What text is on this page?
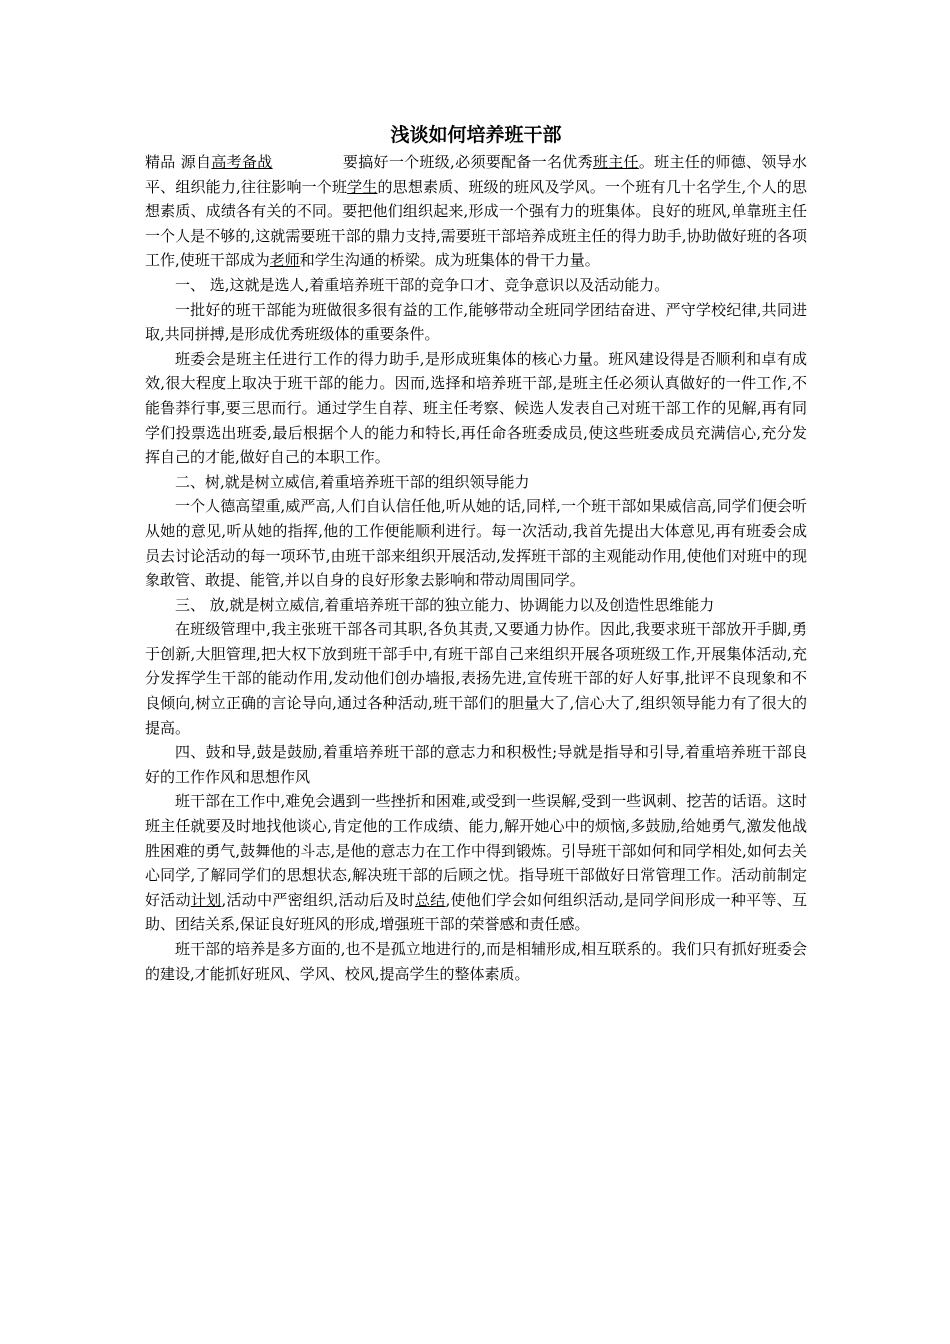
浅谈如何培养班干部

精品 源自高考备战	要搞好一个班级,必须要配备一名优秀班主任。班主任的师德、领导水平、组织能力,往往影响一个班学生的思想素质、班级的班风及学风。一个班有几十名学生,个人的思想素质、成绩各有关的不同。要把他们组织起来,形成一个强有力的班集体。良好的班风,单靠班主任一个人是不够的,这就需要班干部的鼎力支持,需要班干部培养成班主任的得力助手,协助做好班的各项工作,使班干部成为老师和学生沟通的桥梁。成为班集体的骨干力量。

一、 选,这就是选人,着重培养班干部的竞争口才、竞争意识以及活动能力。

一批好的班干部能为班做很多很有益的工作,能够带动全班同学团结奋进、严守学校纪律,共同进取,共同拼搏,是形成优秀班级体的重要条件。

班委会是班主任进行工作的得力助手,是形成班集体的核心力量。班风建设得是否顺利和卓有成效,很大程度上取决于班干部的能力。因而,选择和培养班干部,是班主任必须认真做好的一件工作,不能鲁莽行事,要三思而行。通过学生自荐、班主任考察、候选人发表自己对班干部工作的见解,再有同学们投票选出班委,最后根据个人的能力和特长,再任命各班委成员,使这些班委成员充满信心,充分发挥自己的才能,做好自己的本职工作。

二、树,就是树立威信,着重培养班干部的组织领导能力

一个人德高望重,威严高,人们自认信任他,听从她的话,同样,一个班干部如果威信高,同学们便会听从她的意见,听从她的指挥,他的工作便能顺利进行。每一次活动,我首先提出大体意见,再有班委会成员去讨论活动的每一项环节,由班干部来组织开展活动,发挥班干部的主观能动作用,使他们对班中的现象敢管、敢提、能管,并以自身的良好形象去影响和带动周围同学。

三、 放,就是树立威信,着重培养班干部的独立能力、协调能力以及创造性思维能力

在班级管理中,我主张班干部各司其职,各负其责,又要通力协作。因此,我要求班干部放开手脚,勇于创新,大胆管理,把大权下放到班干部手中,有班干部自己来组织开展各项班级工作,开展集体活动,充分发挥学生干部的能动作用,发动他们创办墙报,表扬先进,宣传班干部的好人好事,批评不良现象和不良倾向,树立正确的言论导向,通过各种活动,班干部们的胆量大了,信心大了,组织领导能力有了很大的提高。

四、鼓和导,鼓是鼓励,着重培养班干部的意志力和积极性;导就是指导和引导,着重培养班干部良好的工作作风和思想作风

班干部在工作中,难免会遇到一些挫折和困难,或受到一些误解,受到一些讽刺、挖苦的话语。这时班主任就要及时地找他谈心,肯定他的工作成绩、能力,解开她心中的烦恼,多鼓励,给她勇气,激发他战胜困难的勇气,鼓舞他的斗志,是他的意志力在工作中得到锻炼。引导班干部如何和同学相处,如何去关心同学,了解同学们的思想状态,解决班干部的后顾之忧。指导班干部做好日常管理工作。活动前制定好活动计划,活动中严密组织,活动后及时总结,使他们学会如何组织活动,是同学间形成一种平等、互助、团结关系,保证良好班风的形成,增强班干部的荣誉感和责任感。

班干部的培养是多方面的,也不是孤立地进行的,而是相辅形成,相互联系的。我们只有抓好班委会的建设,才能抓好班风、学风、校风,提高学生的整体素质。
